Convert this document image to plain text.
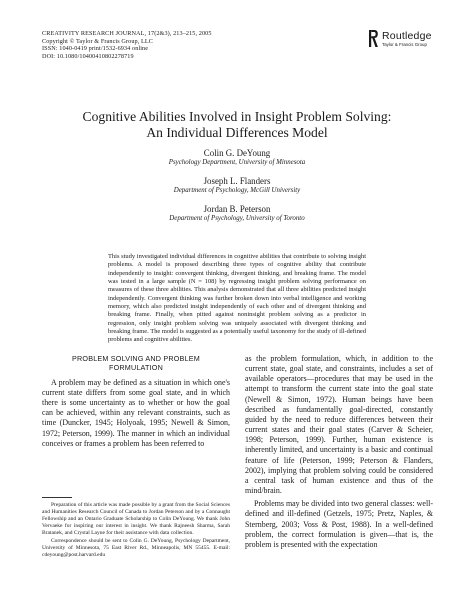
CREATIVITY RESEARCH JOURNAL, 17(2&3), 213–215, 2005
Copyright © Taylor & Francis Group, LLC
ISSN: 1040-0419 print/1532-6934 online
DOI: 10.1080/10400410802278719
Routledge
Taylor & Francis Group
Cognitive Abilities Involved in Insight Problem Solving:
An Individual Differences Model
Colin G. DeYoung
Psychology Department, University of Minnesota
Joseph L. Flanders
Department of Psychology, McGill University
Jordan B. Peterson
Department of Psychology, University of Toronto
This study investigated individual differences in cognitive abilities that contribute to solving insight problems. A model is proposed describing three types of cognitive ability that contribute independently to insight: convergent thinking, divergent thinking, and breaking frame. The model was tested in a large sample (N = 108) by regressing insight problem solving performance on measures of these three abilities. This analysis demonstrated that all three abilities predicted insight independently. Convergent thinking was further broken down into verbal intelligence and working memory, which also predicted insight independently of each other and of divergent thinking and breaking frame. Finally, when pitted against noninsight problem solving as a predictor in regression, only insight problem solving was uniquely associated with divergent thinking and breaking frame. The model is suggested as a potentially useful taxonomy for the study of ill-defined problems and cognitive abilities.
PROBLEM SOLVING AND PROBLEM
FORMULATION

A problem may be defined as a situation in which one's current state differs from some goal state, and in which there is some uncertainty as to whether or how the goal can be achieved, within any relevant constraints, such as time (Duncker, 1945; Holyoak, 1995; Newell & Simon, 1972; Peterson, 1999). The manner in which an individual conceives or frames a problem has been referred to

Preparation of this article was made possible by a grant from the Social Sciences and Humanities Research Council of Canada to Jordan Peterson and by a Connaught Fellowship and an Ontario Graduate Scholarship to Colin DeYoung. We thank John Vervaeke for inspiring our interest in insight. We thank Rajneesh Sharma, Sarah Bratanek, and Crystal Layne for their assistance with data collection.

Correspondence should be sent to Colin G. DeYoung, Psychology Department, University of Minnesota, 75 East River Rd., Minneapolis, MN 55455. E-mail: cdeyoung@post.harvard.edu

as the problem formulation, which, in addition to the current state, goal state, and constraints, includes a set of available operators—procedures that may be used in the attempt to transform the current state into the goal state (Newell & Simon, 1972). Human beings have been described as fundamentally goal-directed, constantly guided by the need to reduce differences between their current states and their goal states (Carver & Scheier, 1998; Peterson, 1999). Further, human existence is inherently limited, and uncertainty is a basic and continual feature of life (Peterson, 1999; Peterson & Flanders, 2002), implying that problem solving could be considered a central task of human existence and thus of the mind/brain.

Problems may be divided into two general classes: well-defined and ill-defined (Getzels, 1975; Pretz, Naples, & Sternberg, 2003; Voss & Post, 1988). In a well-defined problem, the correct formulation is given—that is, the problem is presented with the expectation
